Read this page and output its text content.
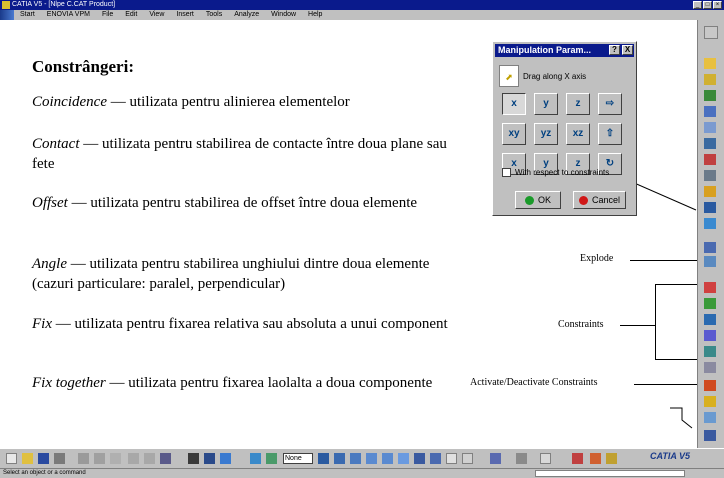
CATIA V5 - [Nlpe C.CAT Product]	_	□	×
Start	ENOVIA VPM	File	Edit	View	Insert	Tools	Analyze	Window	Help
Constrângeri:
Coincidence — utilizata pentru alinierea elementelor
Contact — utilizata pentru stabilirea de contacte între doua plane sau fete
Offset — utilizata pentru stabilirea de offset între doua elemente
Angle — utilizata pentru stabilirea unghiului dintre doua elemente (cazuri particulare: paralel, perpendicular)
Fix — utilizata pentru fixarea relativa sau absoluta a unui component
Fix together — utilizata pentru fixarea laolalta a doua componente
Explode
Constraints
Activate/Deactivate Constraints
Manipulation Param...	? X
⬈	Drag along X axis
x	y	z	⇨
xy	yz	xz	⇧
x	y	z	↻
With respect to constraints
OK	Cancel
None	CATIA V5
Select an object or a command
